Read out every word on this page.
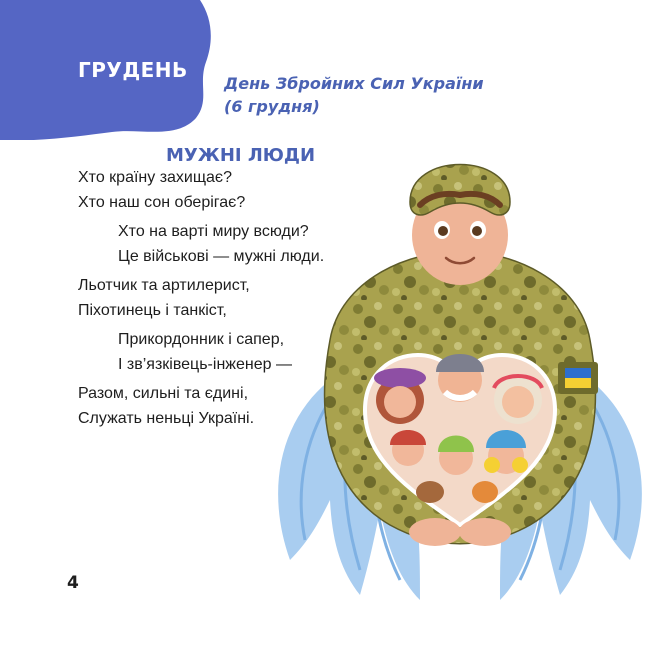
ГРУДЕНЬ
День Збройних Сил України
(6 грудня)
МУЖНІ ЛЮДИ
Хто країну захищає?
Хто наш сон оберігає?
Хто на варті миру всюди?
Це військові — мужні люди.
Льотчик та артилерист,
Піхотинець і танкіст,
Прикордонник і сапер,
І зв’язківець-інженер —
Разом, сильні та єдині,
Служать неньці Україні.
4
